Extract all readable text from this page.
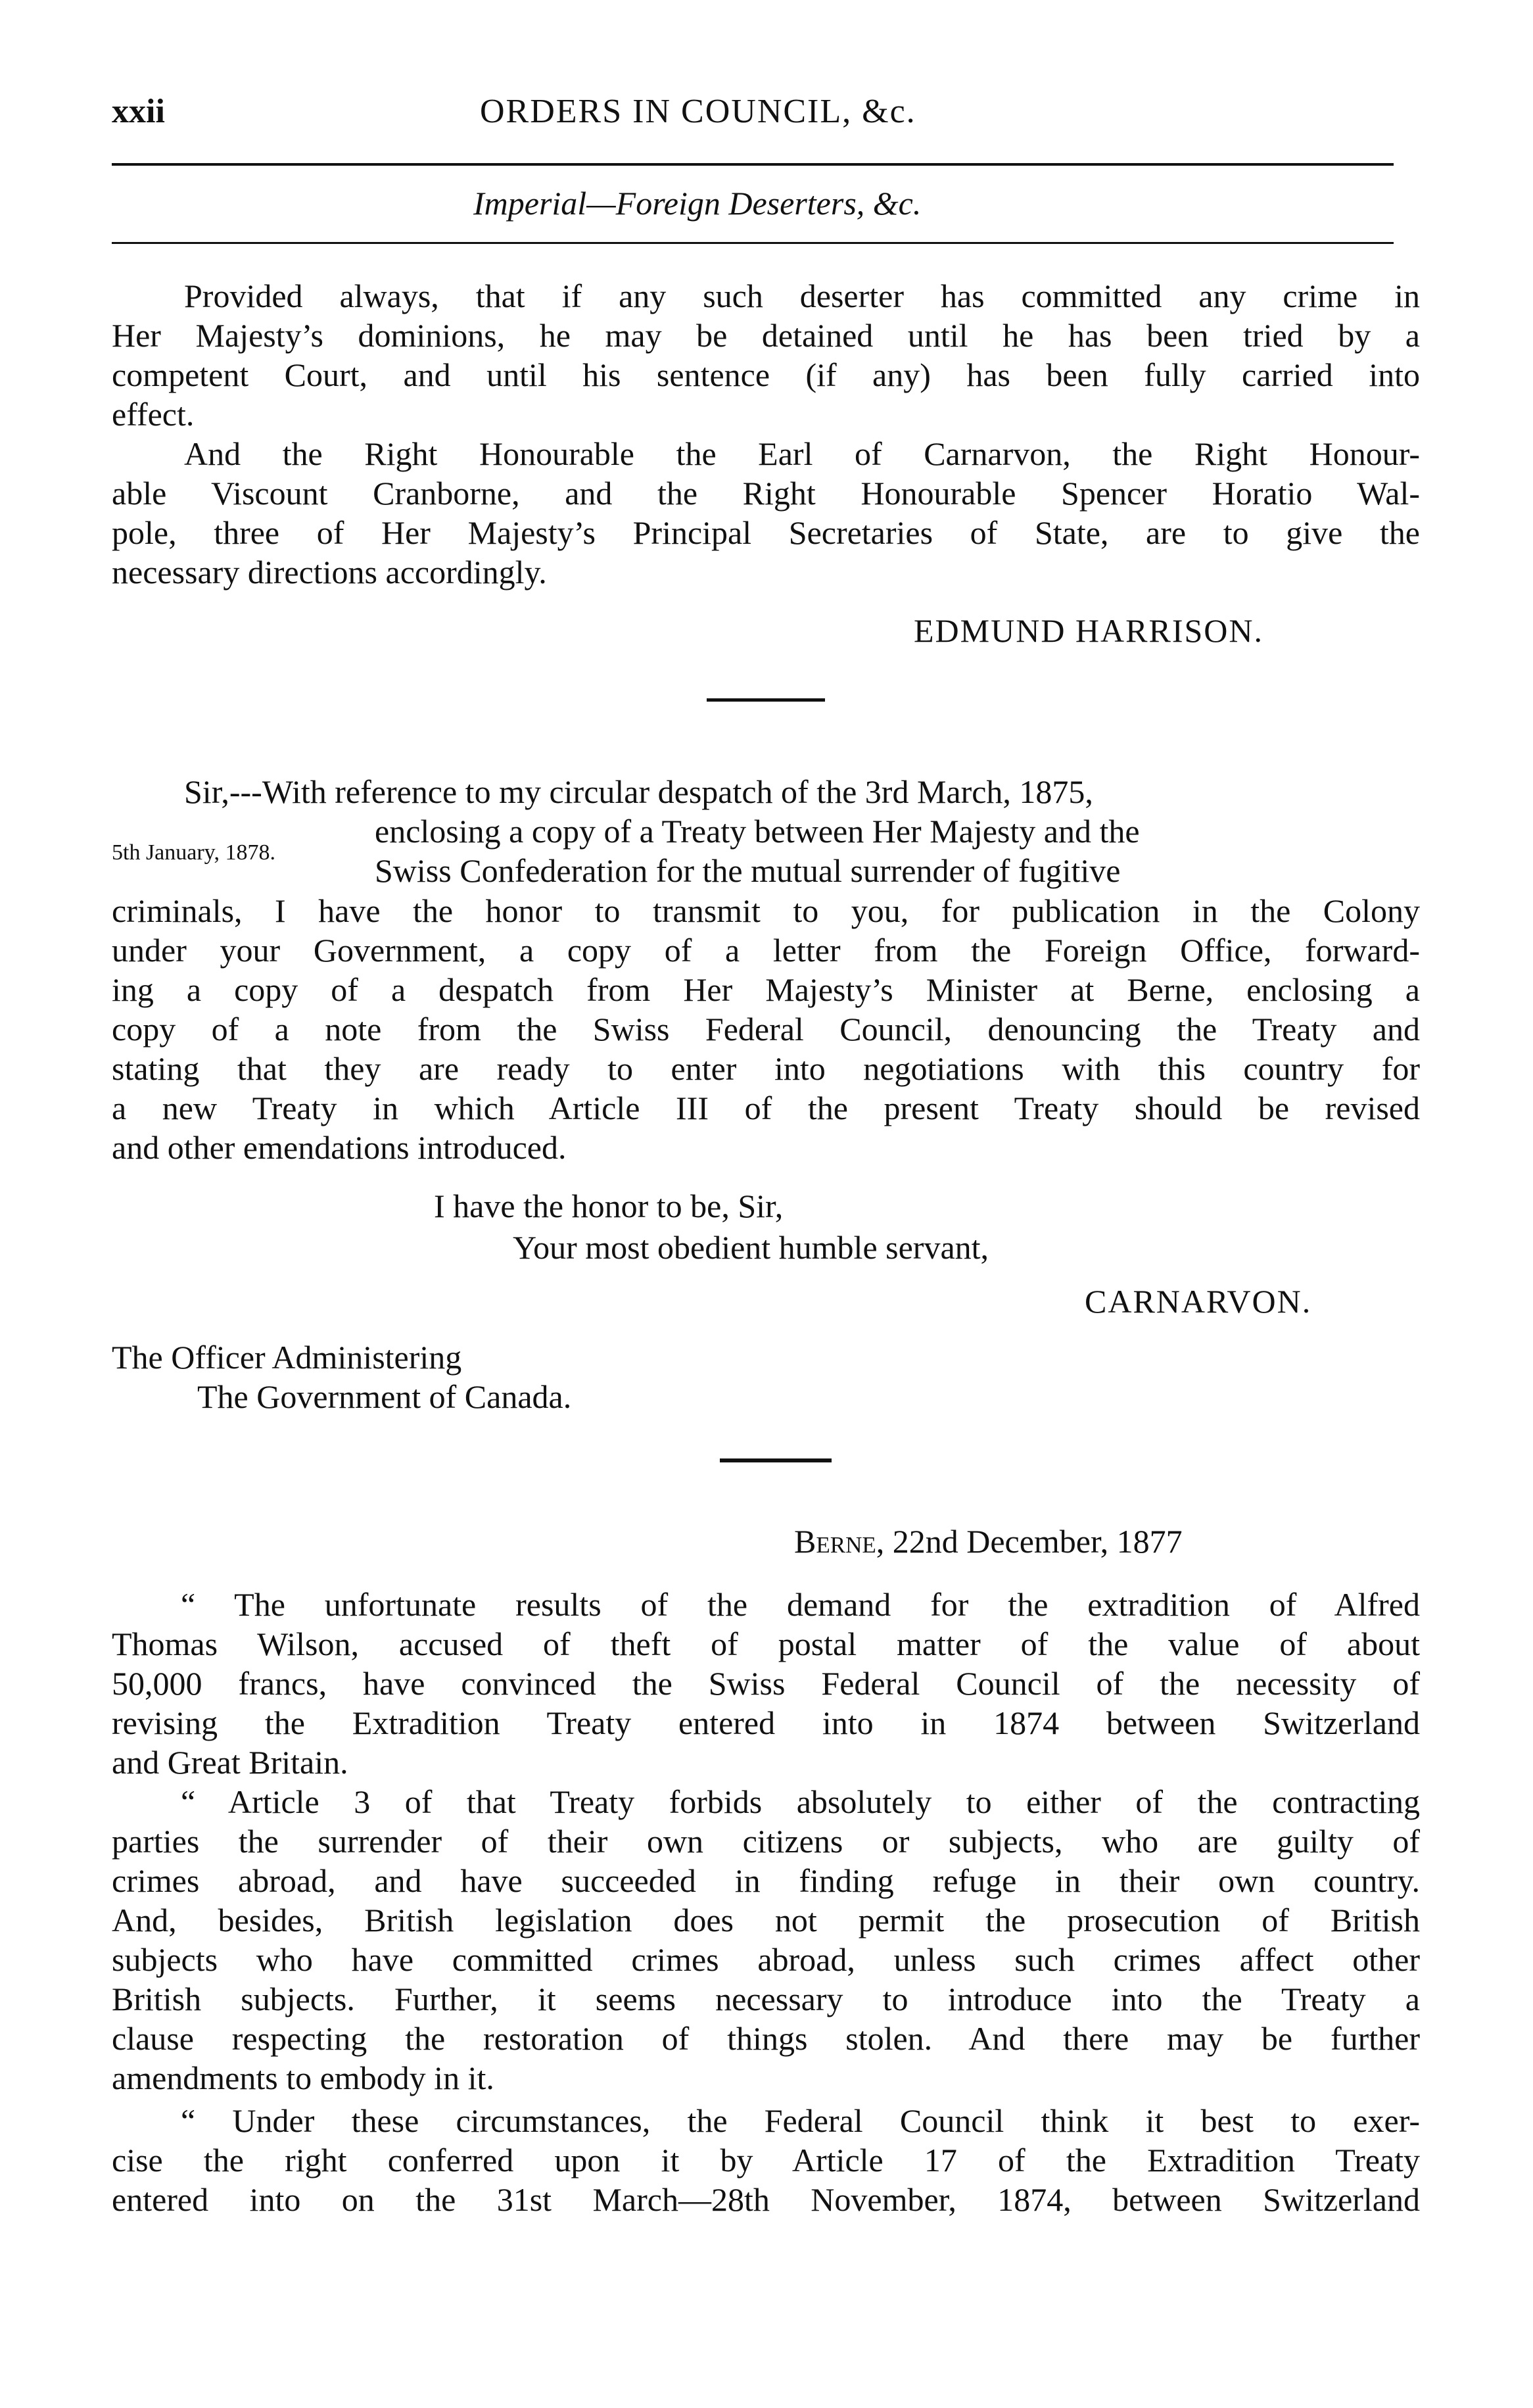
xxii	ORDERS IN COUNCIL, &c.
Imperial—Foreign Deserters, &c.
Provided always, that if any such deserter has committed any crime in
Her Majesty’s dominions, he may be detained until he has been tried by a
competent Court, and until his sentence (if any) has been fully carried into
effect.
And the Right Honourable the Earl of Carnarvon, the Right Honour-
able Viscount Cranborne, and the Right Honourable Spencer Horatio Wal-
pole, three of Her Majesty’s Principal Secretaries of State, are to give the
necessary directions accordingly.
EDMUND HARRISON.
Sir,---With reference to my circular despatch of the 3rd March, 1875,
5th January, 1878.
enclosing a copy of a Treaty between Her Majesty and the
Swiss Confederation for the mutual surrender of fugitive
criminals, I have the honor to transmit to you, for publication in the Colony
under your Government, a copy of a letter from the Foreign Office, forward-
ing a copy of a despatch from Her Majesty’s Minister at Berne, enclosing a
copy of a note from the Swiss Federal Council, denouncing the Treaty and
stating that they are ready to enter into negotiations with this country for
a new Treaty in which Article III of the present Treaty should be revised
and other emendations introduced.
I have the honor to be, Sir,
Your most obedient humble servant,
CARNARVON.
The Officer Administering
The Government of Canada.
Berne, 22nd December, 1877
“ The unfortunate results of the demand for the extradition of Alfred
Thomas Wilson, accused of theft of postal matter of the value of about
50,000 francs, have convinced the Swiss Federal Council of the necessity of
revising the Extradition Treaty entered into in 1874 between Switzerland
and Great Britain.
“ Article 3 of that Treaty forbids absolutely to either of the contracting
parties the surrender of their own citizens or subjects, who are guilty of
crimes abroad, and have succeeded in finding refuge in their own country.
And, besides, British legislation does not permit the prosecution of British
subjects who have committed crimes abroad, unless such crimes affect other
British subjects. Further, it seems necessary to introduce into the Treaty a
clause respecting the restoration of things stolen. And there may be further
amendments to embody in it.
“ Under these circumstances, the Federal Council think it best to exer-
cise the right conferred upon it by Article 17 of the Extradition Treaty
entered into on the 31st March—28th November, 1874, between Switzerland
